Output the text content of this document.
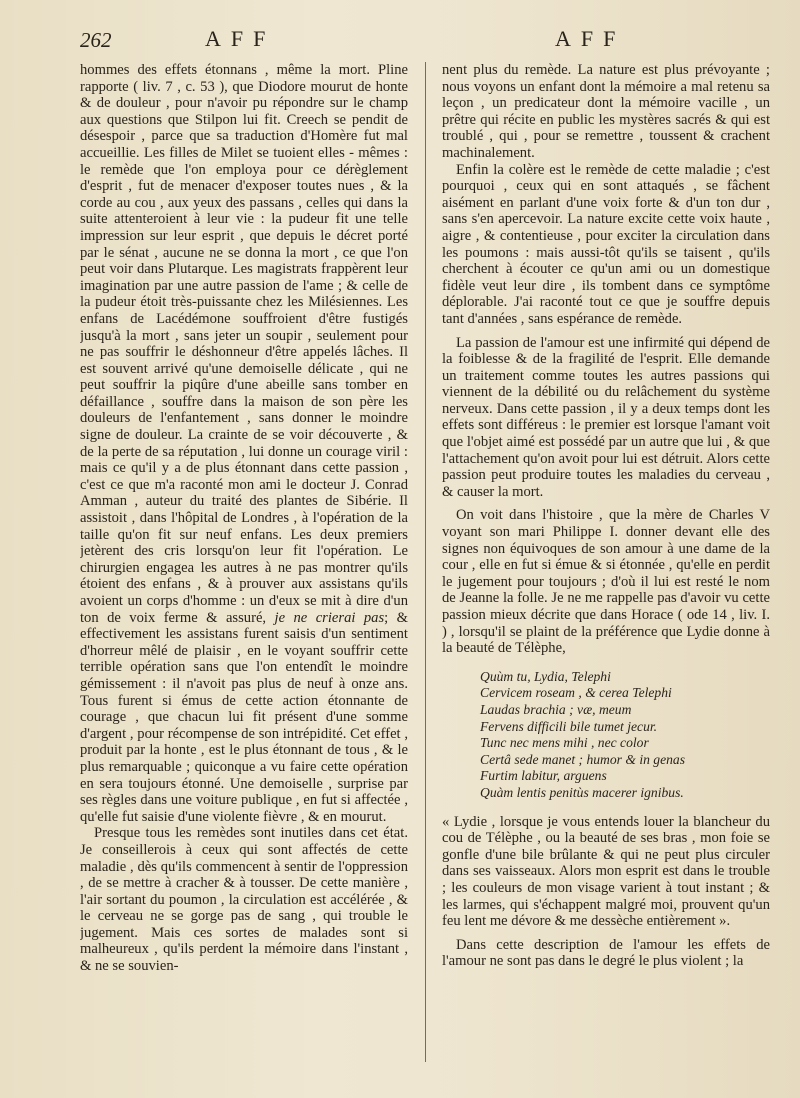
262	AFF	AFF

hommes des effets étonnans , même la mort. Pline rapporte ( liv. 7 , c. 53 ), que Diodore mourut de honte & de douleur , pour n'avoir pu répondre sur le champ aux questions que Stilpon lui fit. Creech se pendit de désespoir , parce que sa traduction d'Homère fut mal accueillie. Les filles de Milet se tuoient elles - mêmes : le remède que l'on employa pour ce dérèglement d'esprit , fut de menacer d'exposer toutes nues , & la corde au cou , aux yeux des passans , celles qui dans la suite attenteroient à leur vie : la pudeur fit une telle impression sur leur esprit , que depuis le décret porté par le sénat , aucune ne se donna la mort , ce que l'on peut voir dans Plutarque. Les magistrats frappèrent leur imagination par une autre passion de l'ame ; & celle de la pudeur étoit très-puissante chez les Milésiennes. Les enfans de Lacédémone souffroient d'être fustigés jusqu'à la mort , sans jeter un soupir , seulement pour ne pas souffrir le déshonneur d'être appelés lâches. Il est souvent arrivé qu'une demoiselle délicate , qui ne peut souffrir la piqûre d'une abeille sans tomber en défaillance , souffre dans la maison de son père les douleurs de l'enfantement , sans donner le moindre signe de douleur. La crainte de se voir découverte , & de la perte de sa réputation , lui donne un courage viril : mais ce qu'il y a de plus étonnant dans cette passion , c'est ce que m'a raconté mon ami le docteur J. Conrad Amman , auteur du traité des plantes de Sibérie. Il assistoit , dans l'hôpital de Londres , à l'opération de la taille qu'on fit sur neuf enfans. Les deux premiers jetèrent des cris lorsqu'on leur fit l'opération. Le chirurgien engagea les autres à ne pas montrer qu'ils étoient des enfans , & à prouver aux assistans qu'ils avoient un corps d'homme : un d'eux se mit à dire d'un ton de voix ferme & assuré, je ne crierai pas; & effectivement les assistans furent saisis d'un sentiment d'horreur mêlé de plaisir , en le voyant souffrir cette terrible opération sans que l'on entendît le moindre gémissement : il n'avoit pas plus de neuf à onze ans. Tous furent si émus de cette action étonnante de courage , que chacun lui fit présent d'une somme d'argent , pour récompense de son intrépidité. Cet effet , produit par la honte , est le plus étonnant de tous , & le plus remarquable ; quiconque a vu faire cette opération en sera toujours étonné. Une demoiselle , surprise par ses règles dans une voiture publique , en fut si affectée , qu'elle fut saisie d'une violente fièvre , & en mourut.

Presque tous les remèdes sont inutiles dans cet état. Je conseillerois à ceux qui sont affectés de cette maladie , dès qu'ils commencent à sentir de l'oppression , de se mettre à cracher & à tousser. De cette manière , l'air sortant du poumon , la circulation est accélérée , & le cerveau ne se gorge pas de sang , qui trouble le jugement. Mais ces sortes de malades sont si malheureux , qu'ils perdent la mémoire dans l'instant , & ne se souvien-

nent plus du remède. La nature est plus prévoyante ; nous voyons un enfant dont la mémoire a mal retenu sa leçon , un predicateur dont la mémoire vacille , un prêtre qui récite en public les mystères sacrés & qui est troublé , qui , pour se remettre , toussent & crachent machinalement.

Enfin la colère est le remède de cette maladie ; c'est pourquoi , ceux qui en sont attaqués , se fâchent aisément en parlant d'une voix forte & d'un ton dur , sans s'en apercevoir. La nature excite cette voix haute , aigre , & contentieuse , pour exciter la circulation dans les poumons : mais aussi-tôt qu'ils se taisent , qu'ils cherchent à écouter ce qu'un ami ou un domestique fidèle veut leur dire , ils tombent dans ce symptôme déplorable. J'ai raconté tout ce que je souffre depuis tant d'années , sans espérance de remède.

La passion de l'amour est une infirmité qui dépend de la foiblesse & de la fragilité de l'esprit. Elle demande un traitement comme toutes les autres passions qui viennent de la débilité ou du relâchement du système nerveux. Dans cette passion , il y a deux temps dont les effets sont différeus : le premier est lorsque l'amant voit que l'objet aimé est possédé par un autre que lui , & que l'attachement qu'on avoit pour lui est détruit. Alors cette passion peut produire toutes les maladies du cerveau , & causer la mort.

On voit dans l'histoire , que la mère de Charles V voyant son mari Philippe I. donner devant elle des signes non équivoques de son amour à une dame de la cour , elle en fut si émue & si étonnée , qu'elle en perdit le jugement pour toujours ; d'où il lui est resté le nom de Jeanne la folle. Je ne me rappelle pas d'avoir vu cette passion mieux décrite que dans Horace ( ode 14 , liv. I. ) , lorsqu'il se plaint de la préférence que Lydie donne à la beauté de Télèphe,

Quùm tu, Lydia, Telephi
Cervicem roseam , & cerea Telephi
Laudas brachia ; væ, meum
Fervens difficili bile tumet jecur.
Tunc nec mens mihi , nec color
Certâ sede manet ; humor & in genas
Furtim labitur, arguens
Quàm lentis penitùs macerer ignibus.

« Lydie , lorsque je vous entends louer la blancheur du cou de Télèphe , ou la beauté de ses bras , mon foie se gonfle d'une bile brûlante & qui ne peut plus circuler dans ses vaisseaux. Alors mon esprit est dans le trouble ; les couleurs de mon visage varient à tout instant ; & les larmes, qui s'échappent malgré moi, prouvent qu'un feu lent me dévore & me dessèche entièrement ».

Dans cette description de l'amour les effets de l'amour ne sont pas dans le degré le plus violent ; la
